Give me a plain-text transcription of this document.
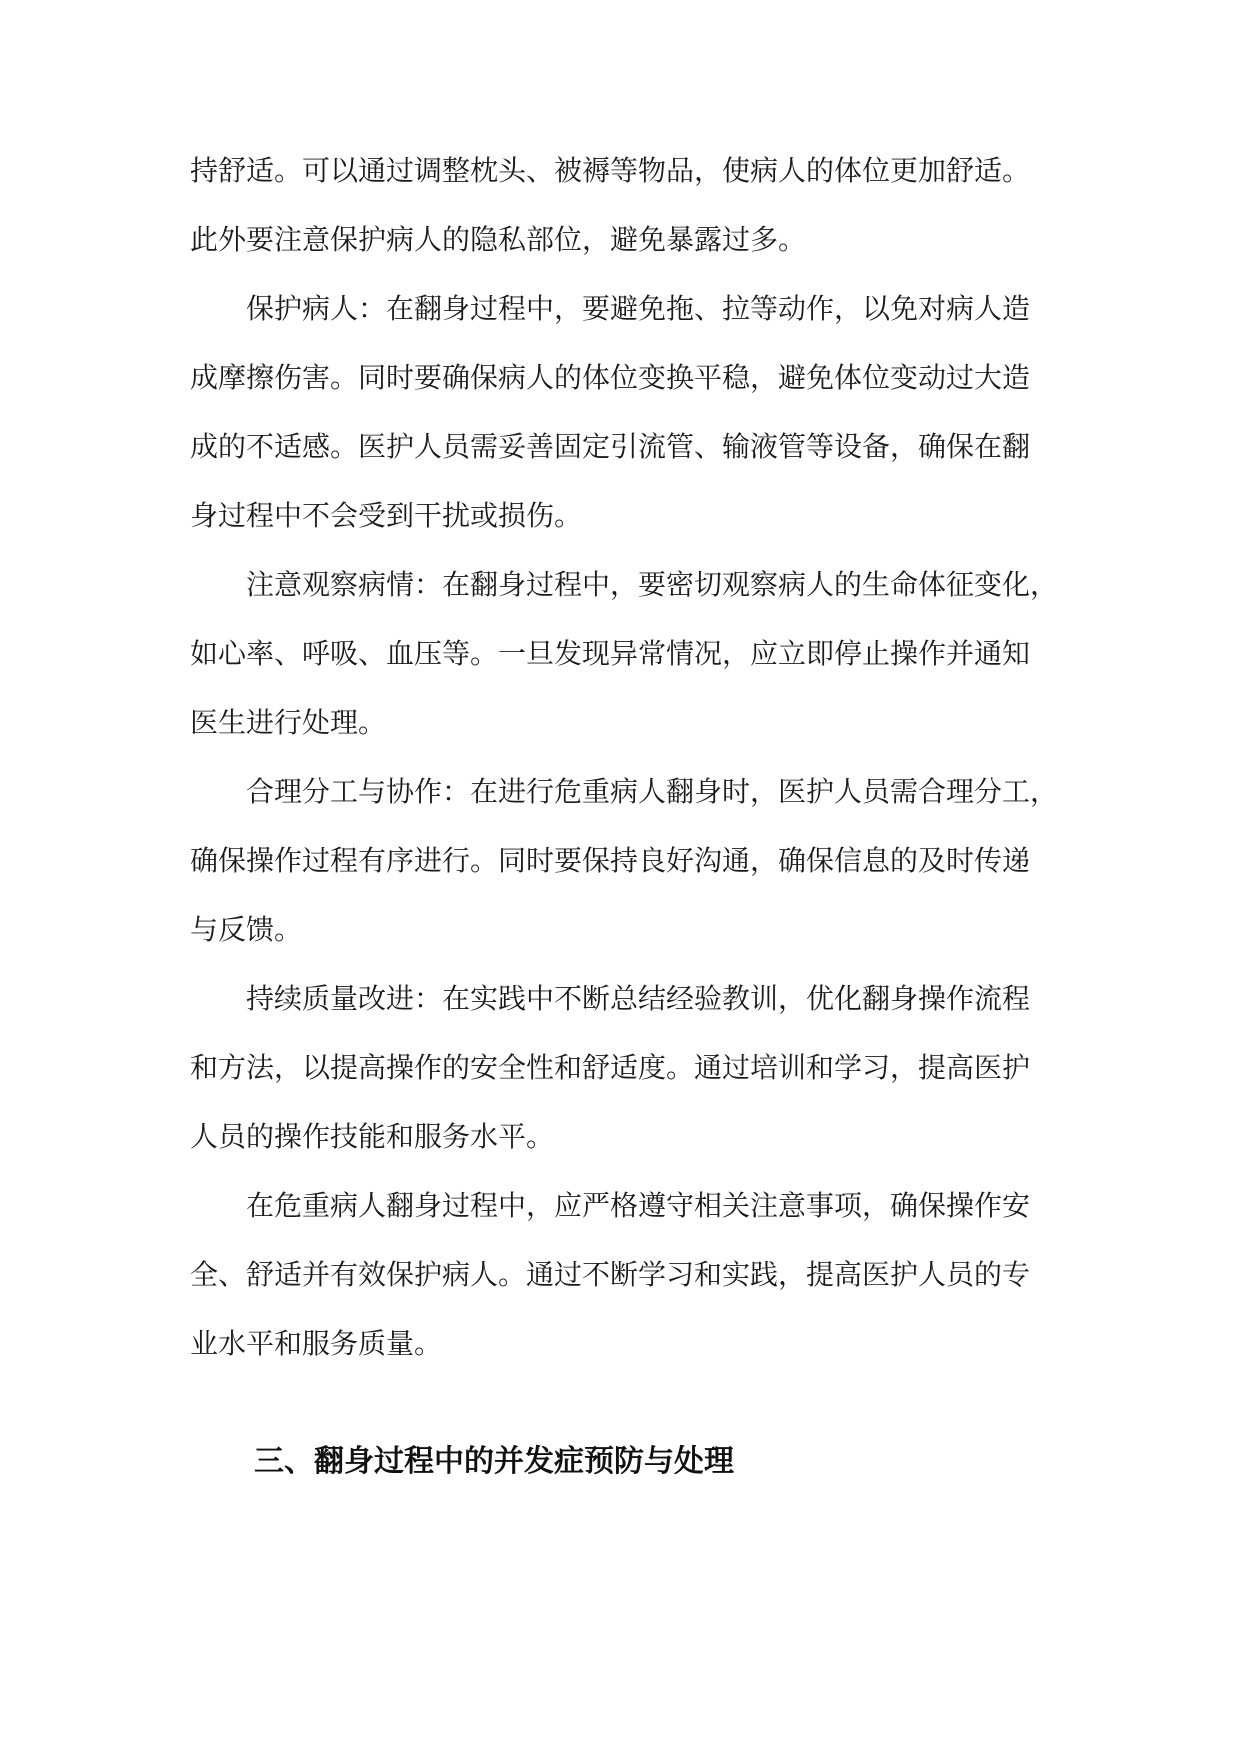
持舒适。可以通过调整枕头、被褥等物品，使病人的体位更加舒适。
此外要注意保护病人的隐私部位，避免暴露过多。
保护病人：在翻身过程中，要避免拖、拉等动作，以免对病人造
成摩擦伤害。同时要确保病人的体位变换平稳，避免体位变动过大造
成的不适感。医护人员需妥善固定引流管、输液管等设备，确保在翻
身过程中不会受到干扰或损伤。
注意观察病情：在翻身过程中，要密切观察病人的生命体征变化，
如心率、呼吸、血压等。一旦发现异常情况，应立即停止操作并通知
医生进行处理。
合理分工与协作：在进行危重病人翻身时，医护人员需合理分工，
确保操作过程有序进行。同时要保持良好沟通，确保信息的及时传递
与反馈。
持续质量改进：在实践中不断总结经验教训，优化翻身操作流程
和方法，以提高操作的安全性和舒适度。通过培训和学习，提高医护
人员的操作技能和服务水平。
在危重病人翻身过程中，应严格遵守相关注意事项，确保操作安
全、舒适并有效保护病人。通过不断学习和实践，提高医护人员的专
业水平和服务质量。
三、翻身过程中的并发症预防与处理
